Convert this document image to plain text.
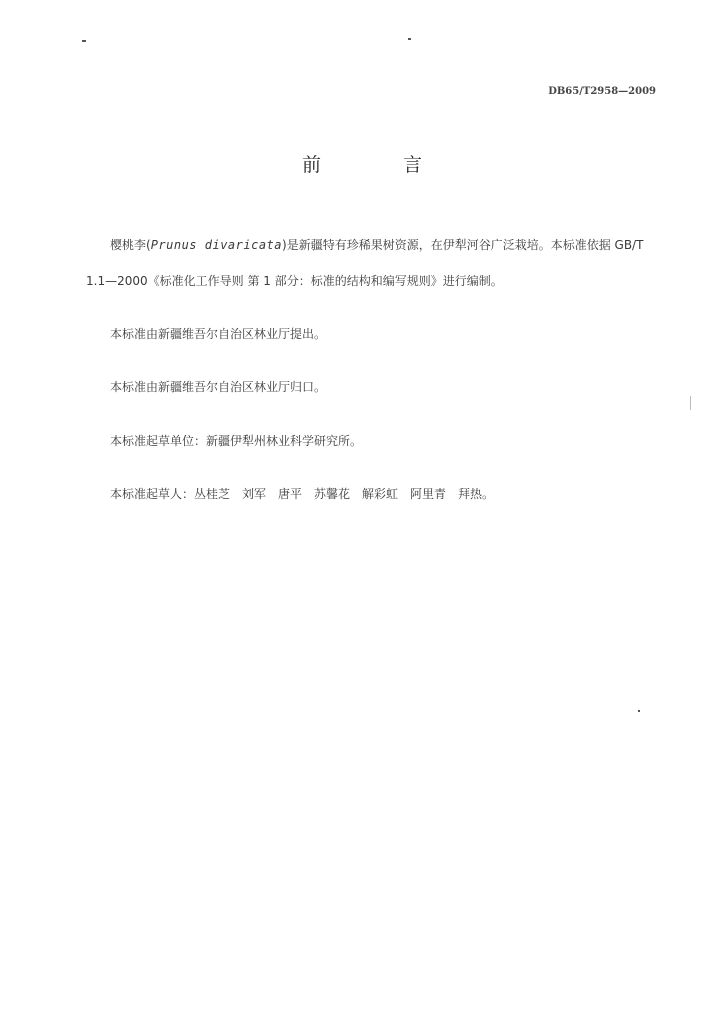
DB65/T2958—2009
前 言
樱桃李(Prunus divaricata)是新疆特有珍稀果树资源，在伊犁河谷广泛栽培。本标准依据 GB/T
1.1—2000《标准化工作导则 第 1 部分：标准的结构和编写规则》进行编制。
本标准由新疆维吾尔自治区林业厅提出。
本标准由新疆维吾尔自治区林业厅归口。
本标准起草单位：新疆伊犁州林业科学研究所。
本标准起草人：丛桂芝　刘军　唐平　苏馨花　解彩虹　阿里青　拜热。
